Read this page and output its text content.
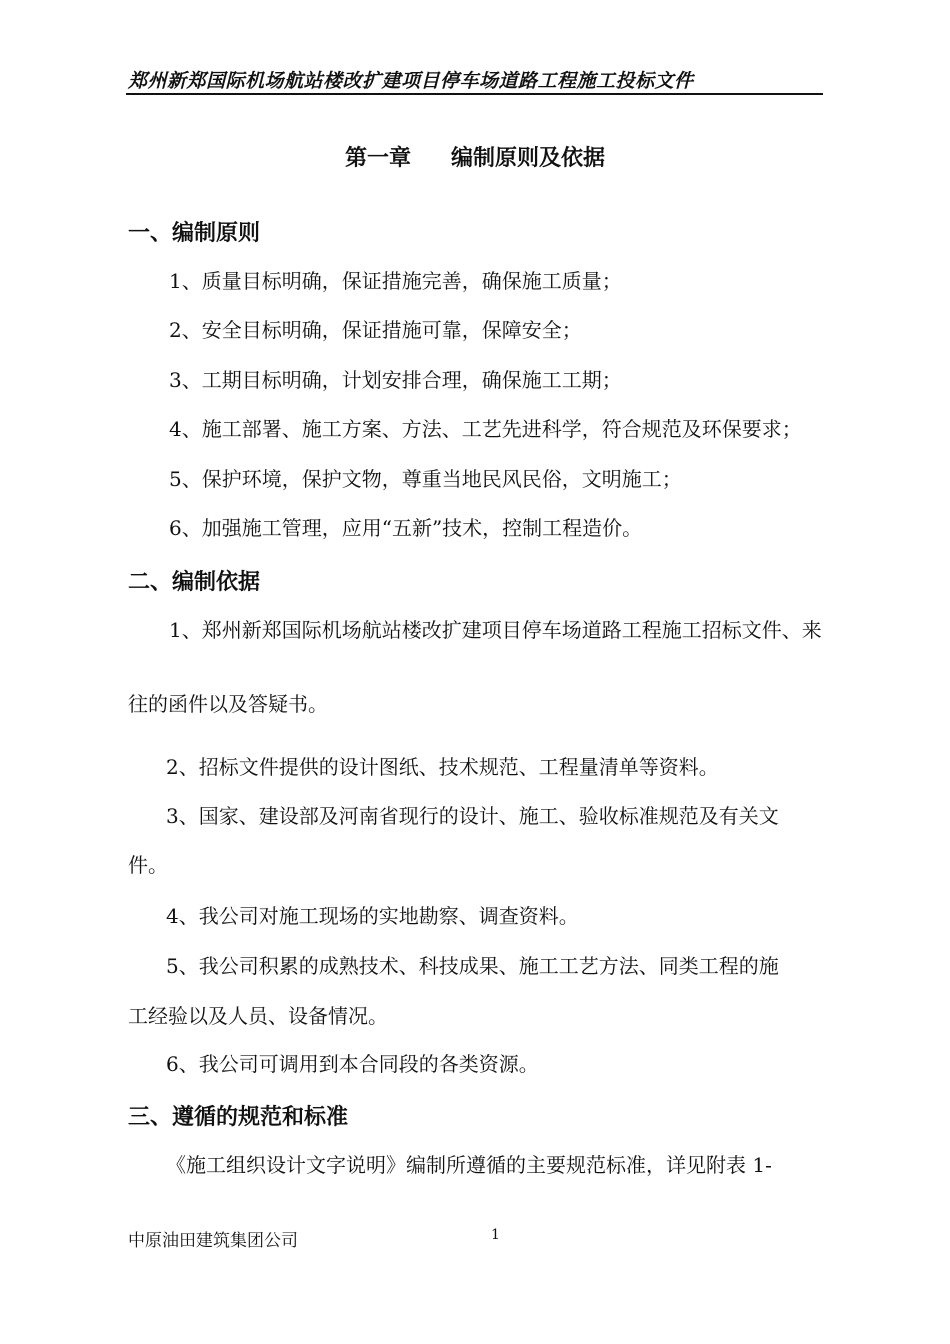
郑州新郑国际机场航站楼改扩建项目停车场道路工程施工投标文件
第一章 编制原则及依据
一、编制原则
1、质量目标明确，保证措施完善，确保施工质量；
2、安全目标明确，保证措施可靠，保障安全；
3、工期目标明确，计划安排合理，确保施工工期；
4、施工部署、施工方案、方法、工艺先进科学，符合规范及环保要求；
5、保护环境，保护文物，尊重当地民风民俗，文明施工；
6、加强施工管理，应用“五新”技术，控制工程造价。
二、编制依据
1、郑州新郑国际机场航站楼改扩建项目停车场道路工程施工招标文件、来
往的函件以及答疑书。
2、招标文件提供的设计图纸、技术规范、工程量清单等资料。
3、国家、建设部及河南省现行的设计、施工、验收标准规范及有关文
件。
4、我公司对施工现场的实地勘察、调查资料。
5、我公司积累的成熟技术、科技成果、施工工艺方法、同类工程的施
工经验以及人员、设备情况。
6、我公司可调用到本合同段的各类资源。
三、遵循的规范和标准
《施工组织设计文字说明》编制所遵循的主要规范标准，详见附表 1-
中原油田建筑集团公司	1
